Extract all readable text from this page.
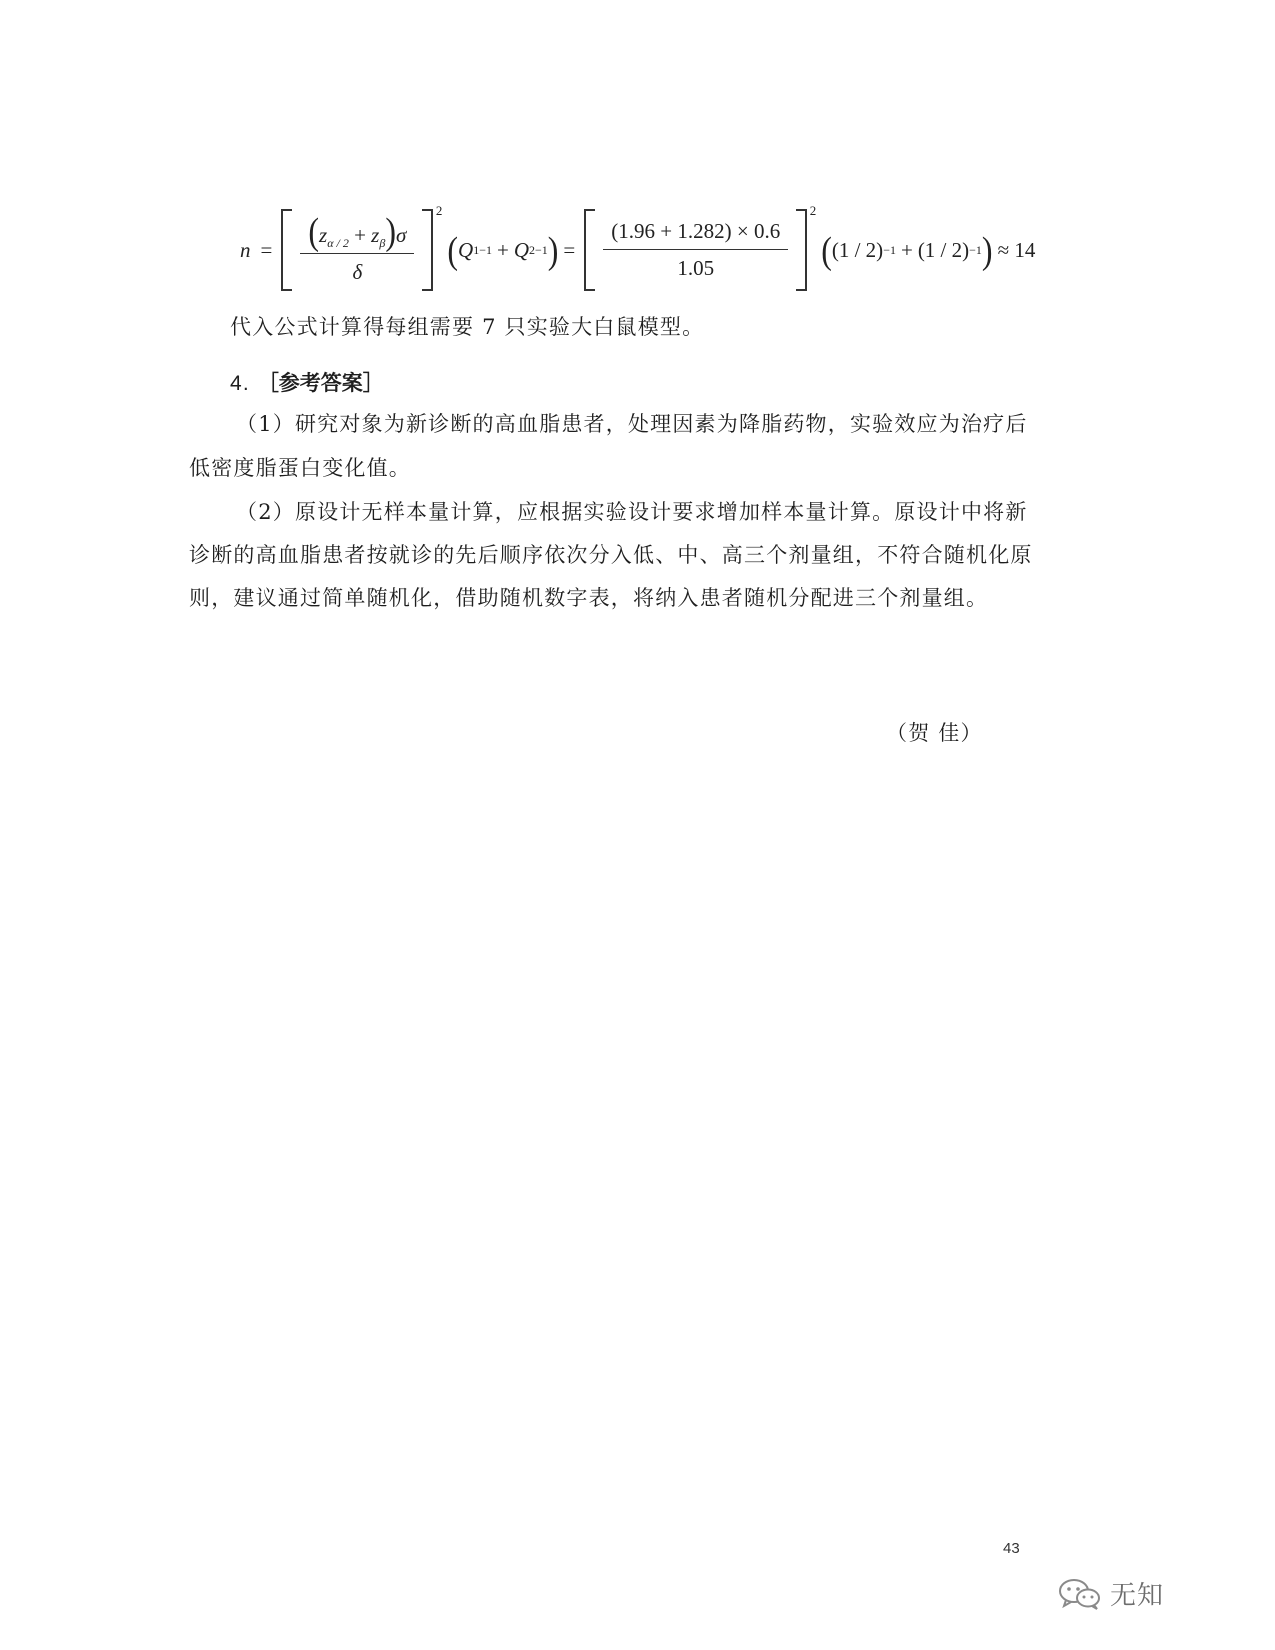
$n = \frac{(z_{\alpha / 2} + z_\beta)\sigma}{\delta} 2$
( Q 1 −1 + Q 2 −1 ) = $\frac{(1.96 + 1.282) \times 0.6}{1.05} 2$
( (1 / 2) −1 + (1 / 2) −1 ) ≈ 14
代入公式计算得每组需要 7 只实验大白鼠模型。
4. ［参考答案］
（1）研究对象为新诊断的高血脂患者，处理因素为降脂药物，实验效应为治疗后
低密度脂蛋白变化值。
（2）原设计无样本量计算，应根据实验设计要求增加样本量计算。原设计中将新
诊断的高血脂患者按就诊的先后顺序依次分入低、中、高三个剂量组，不符合随机化原
则，建议通过简单随机化，借助随机数字表，将纳入患者随机分配进三个剂量组。
（贺 佳）
43
无知
